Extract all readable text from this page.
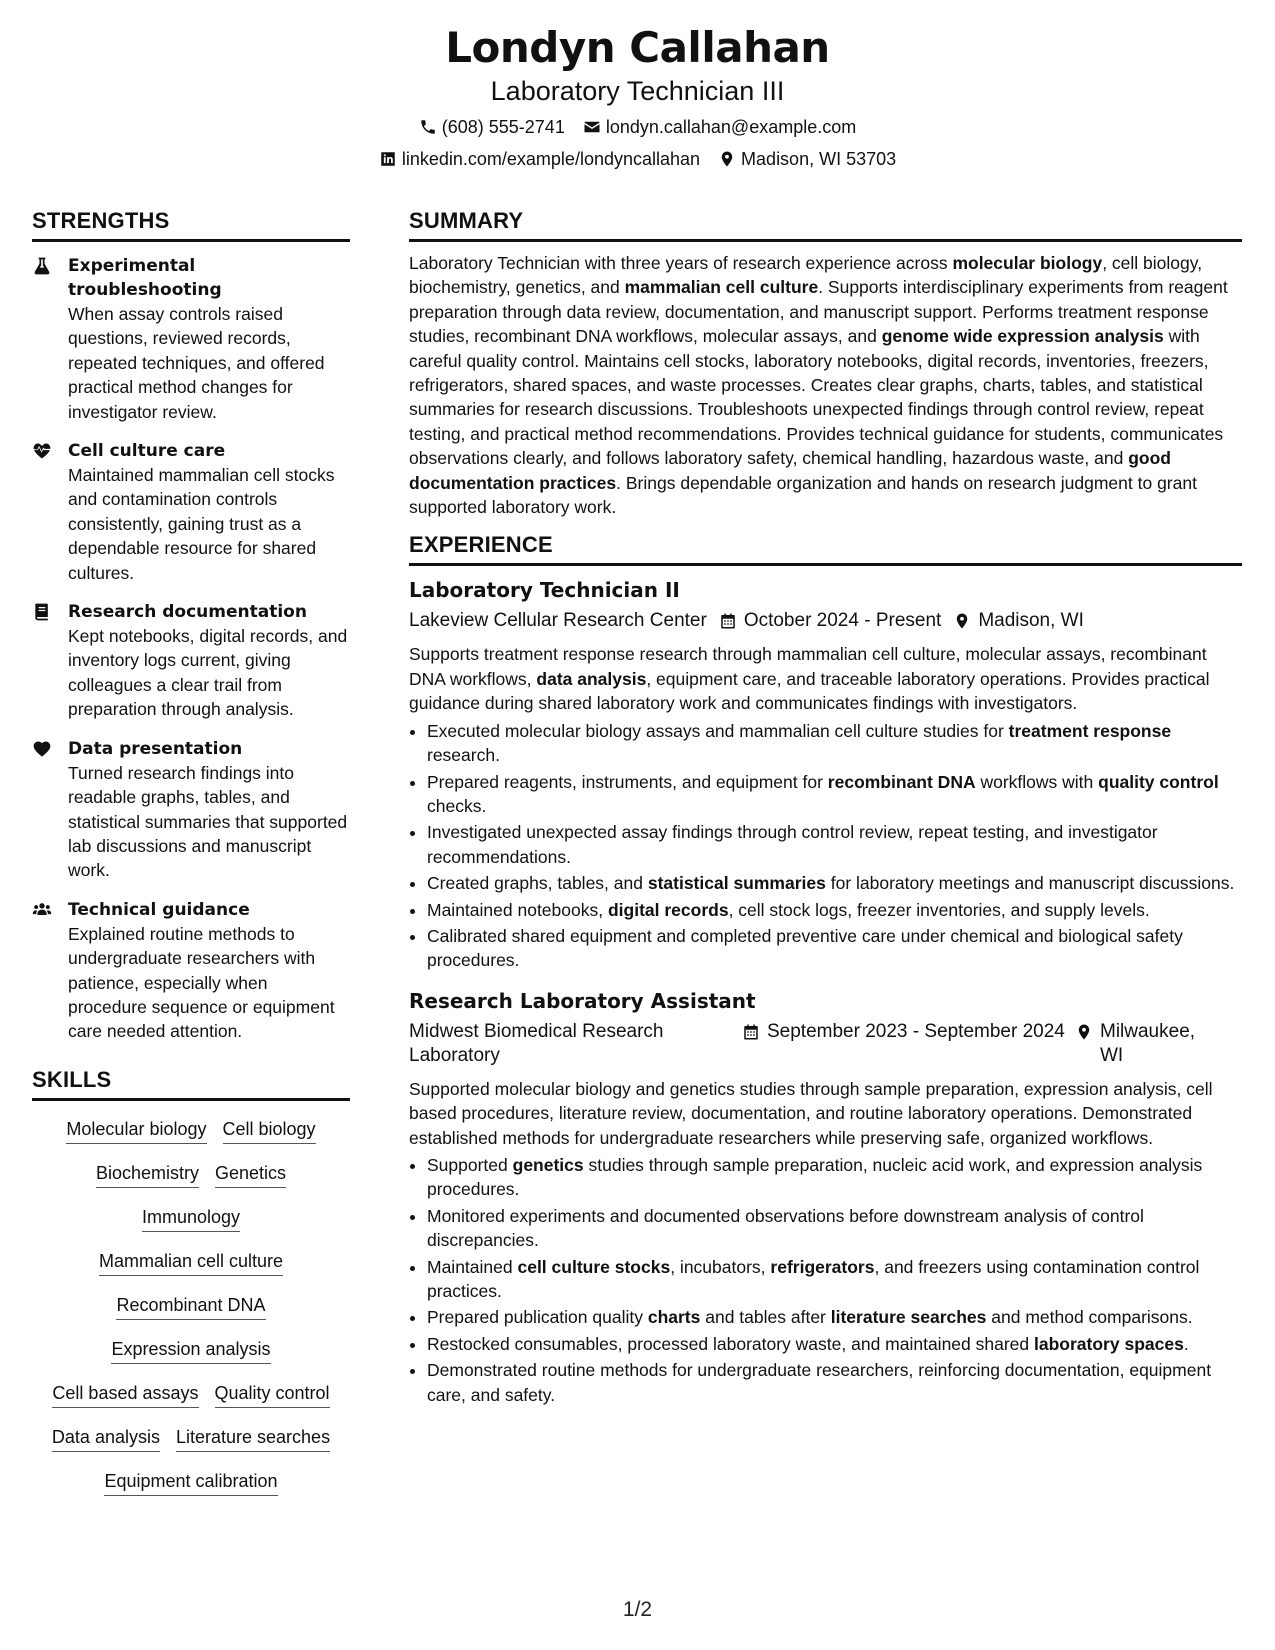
Londyn Callahan
Laboratory Technician III
(608) 555-2741 londyn.callahan@example.com
linkedin.com/example/londyncallahan Madison, WI 53703
STRENGTHS
Experimental troubleshooting
When assay controls raised questions, reviewed records, repeated techniques, and offered practical method changes for investigator review.
Cell culture care
Maintained mammalian cell stocks and contamination controls consistently, gaining trust as a dependable resource for shared cultures.
Research documentation
Kept notebooks, digital records, and inventory logs current, giving colleagues a clear trail from preparation through analysis.
Data presentation
Turned research findings into readable graphs, tables, and statistical summaries that supported lab discussions and manuscript work.
Technical guidance
Explained routine methods to undergraduate researchers with patience, especially when procedure sequence or equipment care needed attention.
SKILLS
Molecular biology Cell biology
Biochemistry Genetics
Immunology
Mammalian cell culture
Recombinant DNA
Expression analysis
Cell based assays Quality control
Data analysis Literature searches
Equipment calibration
SUMMARY
Laboratory Technician with three years of research experience across molecular biology, cell biology, biochemistry, genetics, and mammalian cell culture. Supports interdisciplinary experiments from reagent preparation through data review, documentation, and manuscript support. Performs treatment response studies, recombinant DNA workflows, molecular assays, and genome wide expression analysis with careful quality control. Maintains cell stocks, laboratory notebooks, digital records, inventories, freezers, refrigerators, shared spaces, and waste processes. Creates clear graphs, charts, tables, and statistical summaries for research discussions. Troubleshoots unexpected findings through control review, repeat testing, and practical method recommendations. Provides technical guidance for students, communicates observations clearly, and follows laboratory safety, chemical handling, hazardous waste, and good documentation practices. Brings dependable organization and hands on research judgment to grant supported laboratory work.
EXPERIENCE
Laboratory Technician II
Lakeview Cellular Research Center October 2024 - Present Madison, WI
Supports treatment response research through mammalian cell culture, molecular assays, recombinant DNA workflows, data analysis, equipment care, and traceable laboratory operations. Provides practical guidance during shared laboratory work and communicates findings with investigators.
• Executed molecular biology assays and mammalian cell culture studies for treatment response research.
• Prepared reagents, instruments, and equipment for recombinant DNA workflows with quality control checks.
• Investigated unexpected assay findings through control review, repeat testing, and investigator recommendations.
• Created graphs, tables, and statistical summaries for laboratory meetings and manuscript discussions.
• Maintained notebooks, digital records, cell stock logs, freezer inventories, and supply levels.
• Calibrated shared equipment and completed preventive care under chemical and biological safety procedures.
Research Laboratory Assistant
Midwest Biomedical Research Laboratory
September 2023 - September 2024 Milwaukee, WI
Supported molecular biology and genetics studies through sample preparation, expression analysis, cell based procedures, literature review, documentation, and routine laboratory operations. Demonstrated established methods for undergraduate researchers while preserving safe, organized workflows.
• Supported genetics studies through sample preparation, nucleic acid work, and expression analysis procedures.
• Monitored experiments and documented observations before downstream analysis of control discrepancies.
• Maintained cell culture stocks, incubators, refrigerators, and freezers using contamination control practices.
• Prepared publication quality charts and tables after literature searches and method comparisons.
• Restocked consumables, processed laboratory waste, and maintained shared laboratory spaces.
• Demonstrated routine methods for undergraduate researchers, reinforcing documentation, equipment care, and safety.
1/2
